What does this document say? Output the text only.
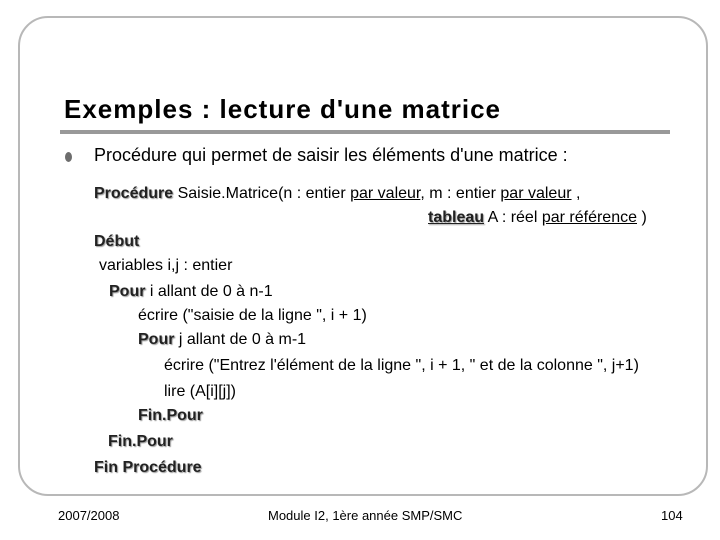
Exemples : lecture d'une matrice
Procédure qui permet de saisir les éléments d'une matrice :
Procédure Saisie.Matrice(n : entier par valeur, m : entier par valeur ,
tableau A : réel par référence )
Début
variables i,j : entier
Pour i allant de 0 à n-1
écrire ("saisie de la ligne ", i + 1)
Pour j allant de 0 à m-1
écrire ("Entrez l'élément de la ligne ", i + 1, " et de la colonne ", j+1)
lire (A[i][j])
Fin.Pour
Fin.Pour
Fin Procédure
2007/2008	Module I2, 1ère année SMP/SMC	104
